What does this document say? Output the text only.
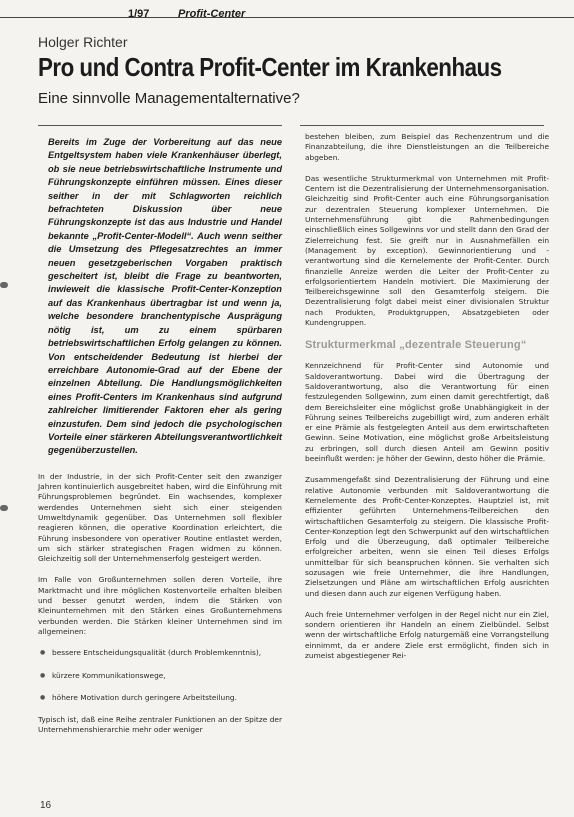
1/97	Profit-Center
Holger Richter
Pro und Contra Profit-Center im Krankenhaus
Eine sinnvolle Managementalternative?

Bereits im Zuge der Vorbereitung auf das neue Entgeltsystem haben viele Krankenhäuser überlegt, ob sie neue betriebswirtschaftliche Instrumente und Führungskonzepte einführen müssen. Eines dieser seither in der mit Schlagworten reichlich befrachteten Diskussion über neue Führungskonzepte ist das aus Industrie und Handel bekannte „Profit-Center-Modell“. Auch wenn seither die Umsetzung des Pflegesatzrechtes an immer neuen gesetzgeberischen Vorgaben praktisch gescheitert ist, bleibt die Frage zu beantworten, inwieweit die klassische Profit-Center-Konzeption auf das Krankenhaus übertragbar ist und wenn ja, welche besondere branchentypische Ausprägung nötig ist, um zu einem spürbaren betriebswirtschaftlichen Erfolg gelangen zu können. Von entscheidender Bedeutung ist hierbei der erreichbare Autonomie-Grad auf der Ebene der einzelnen Abteilung. Die Handlungsmöglichkeiten eines Profit-Centers im Krankenhaus sind aufgrund zahlreicher limitierender Faktoren eher als gering einzustufen. Dem sind jedoch die psychologischen Vorteile einer stärkeren Abteilungsverantwortlichkeit gegenüberzustellen.

In der Industrie, in der sich Profit-Center seit den zwanziger Jahren kontinuierlich ausgebreitet haben, wird die Einführung mit Führungsproblemen begründet. Ein wachsendes, komplexer werdendes Unternehmen sieht sich einer steigenden Umweltdynamik gegenüber. Das Unternehmen soll flexibler reagieren können, die operative Koordination erleichtert, die Führung insbesondere von operativer Routine entlastet werden, um sich stärker strategischen Fragen widmen zu können. Gleichzeitig soll der Unternehmenserfolg gesteigert werden.

Im Falle von Großunternehmen sollen deren Vorteile, ihre Marktmacht und ihre möglichen Kostenvorteile erhalten bleiben und besser genutzt werden, indem die Stärken von Kleinunternehmen mit den Stärken eines Großunternehmens verbunden werden. Die Stärken kleiner Unternehmen sind im allgemeinen:

● bessere Entscheidungsqualität (durch Problemkenntnis),
● kürzere Kommunikationswege,
● höhere Motivation durch geringere Arbeitsteilung.

Typisch ist, daß eine Reihe zentraler Funktionen an der Spitze der Unternehmenshierarchie mehr oder weniger

bestehen bleiben, zum Beispiel das Rechenzentrum und die Finanzabteilung, die ihre Dienstleistungen an die Teilbereiche abgeben.

Das wesentliche Strukturmerkmal von Unternehmen mit Profit-Centern ist die Dezentralisierung der Unternehmensorganisation. Gleichzeitig sind Profit-Center auch eine Führungsorganisation zur dezentralen Steuerung komplexer Unternehmen. Die Unternehmensführung gibt die Rahmenbedingungen einschließlich eines Sollgewinns vor und stellt dann den Grad der Zielerreichung fest. Sie greift nur in Ausnahmefällen ein (Management by exception). Gewinnorientierung und -verantwortung sind die Kernelemente der Profit-Center. Durch finanzielle Anreize werden die Leiter der Profit-Center zu erfolgsorientiertem Handeln motiviert. Die Maximierung der Teilbereichsgewinne soll den Gesamterfolg steigern. Die Dezentralisierung folgt dabei meist einer divisionalen Struktur nach Produkten, Produktgruppen, Absatzgebieten oder Kundengruppen.

Strukturmerkmal „dezentrale Steuerung“

Kennzeichnend für Profit-Center sind Autonomie und Saldoverantwortung. Dabei wird die Übertragung der Saldoverantwortung, also die Verantwortung für einen festzulegenden Sollgewinn, zum einen damit gerechtfertigt, daß dem Bereichsleiter eine möglichst große Unabhängigkeit in der Führung seines Teilbereichs zugebilligt wird, zum anderen erhält er eine Prämie als festgelegten Anteil aus dem erwirtschafteten Gewinn. Seine Motivation, eine möglichst große Arbeitsleistung zu erbringen, soll durch diesen Anteil am Gewinn positiv beeinflußt werden: je höher der Gewinn, desto höher die Prämie.

Zusammengefaßt sind Dezentralisierung der Führung und eine relative Autonomie verbunden mit Saldoverantwortung die Kernelemente des Profit-Center-Konzeptes. Hauptziel ist, mit effizienter geführten Unternehmens-Teilbereichen den wirtschaftlichen Gesamterfolg zu steigern. Die klassische Profit-Center-Konzeption legt den Schwerpunkt auf den wirtschaftlichen Erfolg und die Überzeugung, daß optimaler Teilbereiche erfolgreicher arbeiten, wenn sie einen Teil dieses Erfolgs unmittelbar für sich beanspruchen können. Sie verhalten sich sozusagen wie freie Unternehmer, die ihre Handlungen, Zielsetzungen und Pläne am wirtschaftlichen Erfolg ausrichten und diesen dann auch zur eigenen Verfügung haben.

Auch freie Unternehmer verfolgen in der Regel nicht nur ein Ziel, sondern orientieren ihr Handeln an einem Zielbündel. Selbst wenn der wirtschaftliche Erfolg naturgemäß eine Vorrangstellung einnimmt, da er andere Ziele erst ermöglicht, finden sich in zumeist abgestiegener Rei-

16
